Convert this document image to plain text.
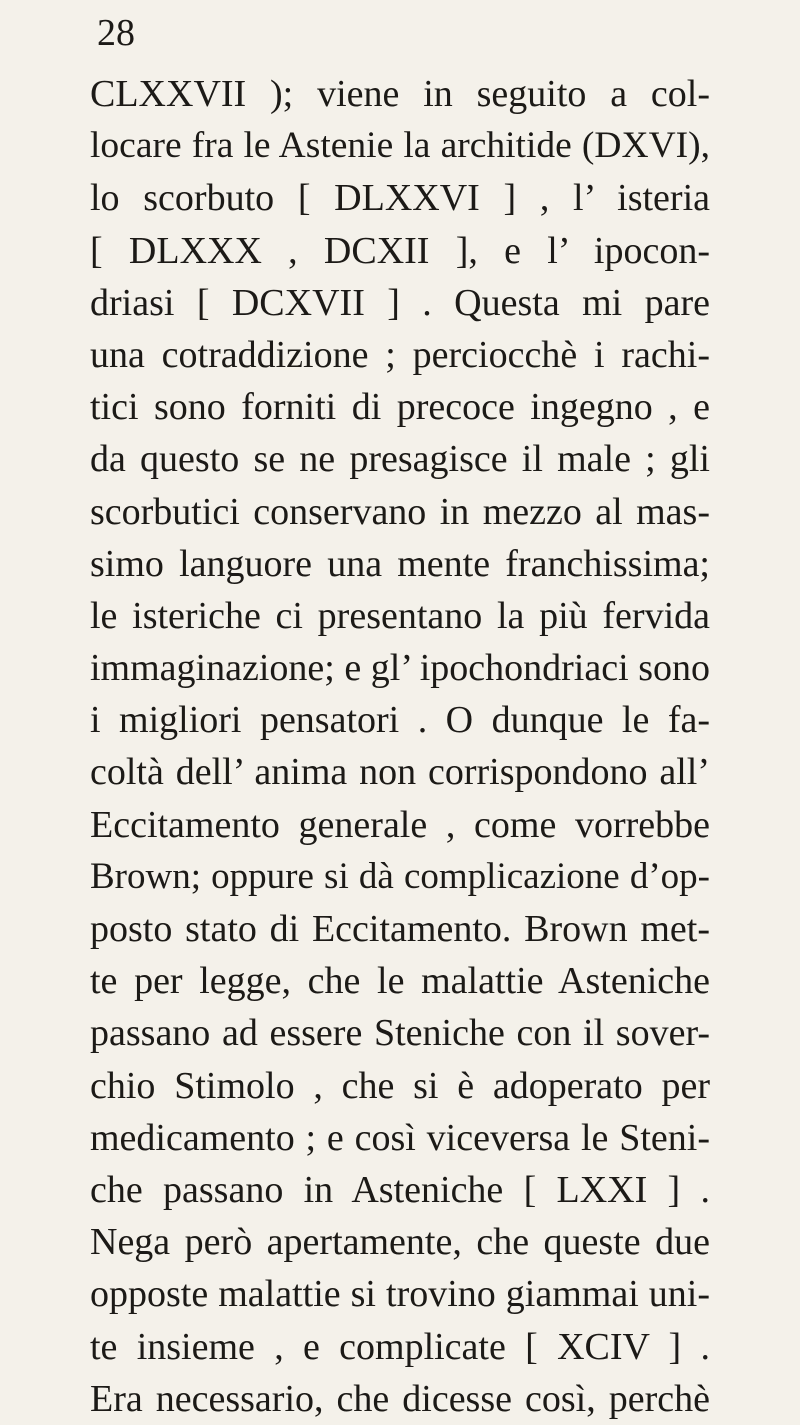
28
CLXXVII ); viene in seguito a col-
locare fra le Astenie la architide (DXVI),
lo scorbuto [ DLXXVI ] , l’ isteria
[ DLXXX , DCXII ], e l’ ipocon-
driasi [ DCXVII ] . Questa mi pare
una cotraddizione ; perciocchè i rachi-
tici sono forniti di precoce ingegno , e
da questo se ne presagisce il male ; gli
scorbutici conservano in mezzo al mas-
simo languore una mente franchissima;
le isteriche ci presentano la più fervida
immaginazione; e gl’ ipochondriaci sono
i migliori pensatori . O dunque le fa-
coltà dell’ anima non corrispondono all’
Eccitamento generale , come vorrebbe
Brown; oppure si dà complicazione d’op-
posto stato di Eccitamento. Brown met-
te per legge, che le malattie Asteniche
passano ad essere Steniche con il sover-
chio Stimolo , che si è adoperato per
medicamento ; e così viceversa le Steni-
che passano in Asteniche [ LXXI ] .
Nega però apertamente, che queste due
opposte malattie si trovino giammai uni-
te insieme , e complicate [ XCIV ] .
Era necessario, che dicesse così, perchè
